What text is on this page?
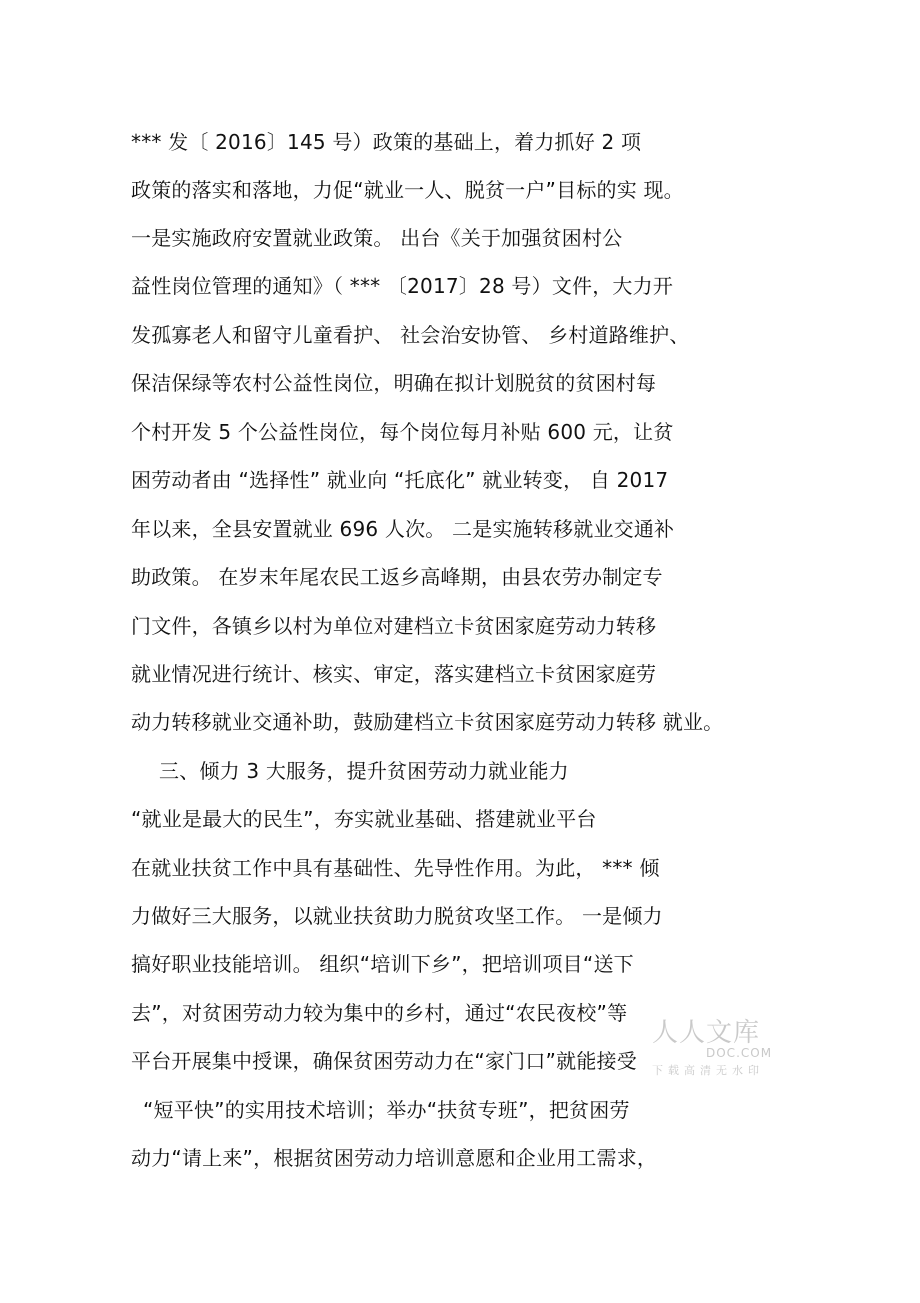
*** 发〔 2016〕145 号）政策的基础上，着力抓好 2 项
政策的落实和落地，力促“就业一人、脱贫一户”目标的实 现。
一是实施政府安置就业政策。 出台《关于加强贫困村公
益性岗位管理的通知》（ *** 〔2017〕28 号）文件，大力开
发孤寡老人和留守儿童看护、 社会治安协管、 乡村道路维护、
保洁保绿等农村公益性岗位，明确在拟计划脱贫的贫困村每
个村开发 5 个公益性岗位，每个岗位每月补贴 600 元，让贫
困劳动者由 “选择性” 就业向 “托底化” 就业转变， 自 2017
年以来，全县安置就业 696 人次。 二是实施转移就业交通补
助政策。 在岁末年尾农民工返乡高峰期，由县农劳办制定专
门文件，各镇乡以村为单位对建档立卡贫困家庭劳动力转移
就业情况进行统计、核实、审定，落实建档立卡贫困家庭劳
动力转移就业交通补助，鼓励建档立卡贫困家庭劳动力转移 就业。
三、倾力 3 大服务，提升贫困劳动力就业能力
“就业是最大的民生”，夯实就业基础、搭建就业平台
在就业扶贫工作中具有基础性、先导性作用。为此， *** 倾
力做好三大服务，以就业扶贫助力脱贫攻坚工作。 一是倾力
搞好职业技能培训。 组织“培训下乡”，把培训项目“送下
去”，对贫困劳动力较为集中的乡村，通过“农民夜校”等
平台开展集中授课，确保贫困劳动力在“家门口”就能接受
“短平快”的实用技术培训；举办“扶贫专班”，把贫困劳
动力“请上来”，根据贫困劳动力培训意愿和企业用工需求，
人人文库
DOC.COM
下载高清无水印
